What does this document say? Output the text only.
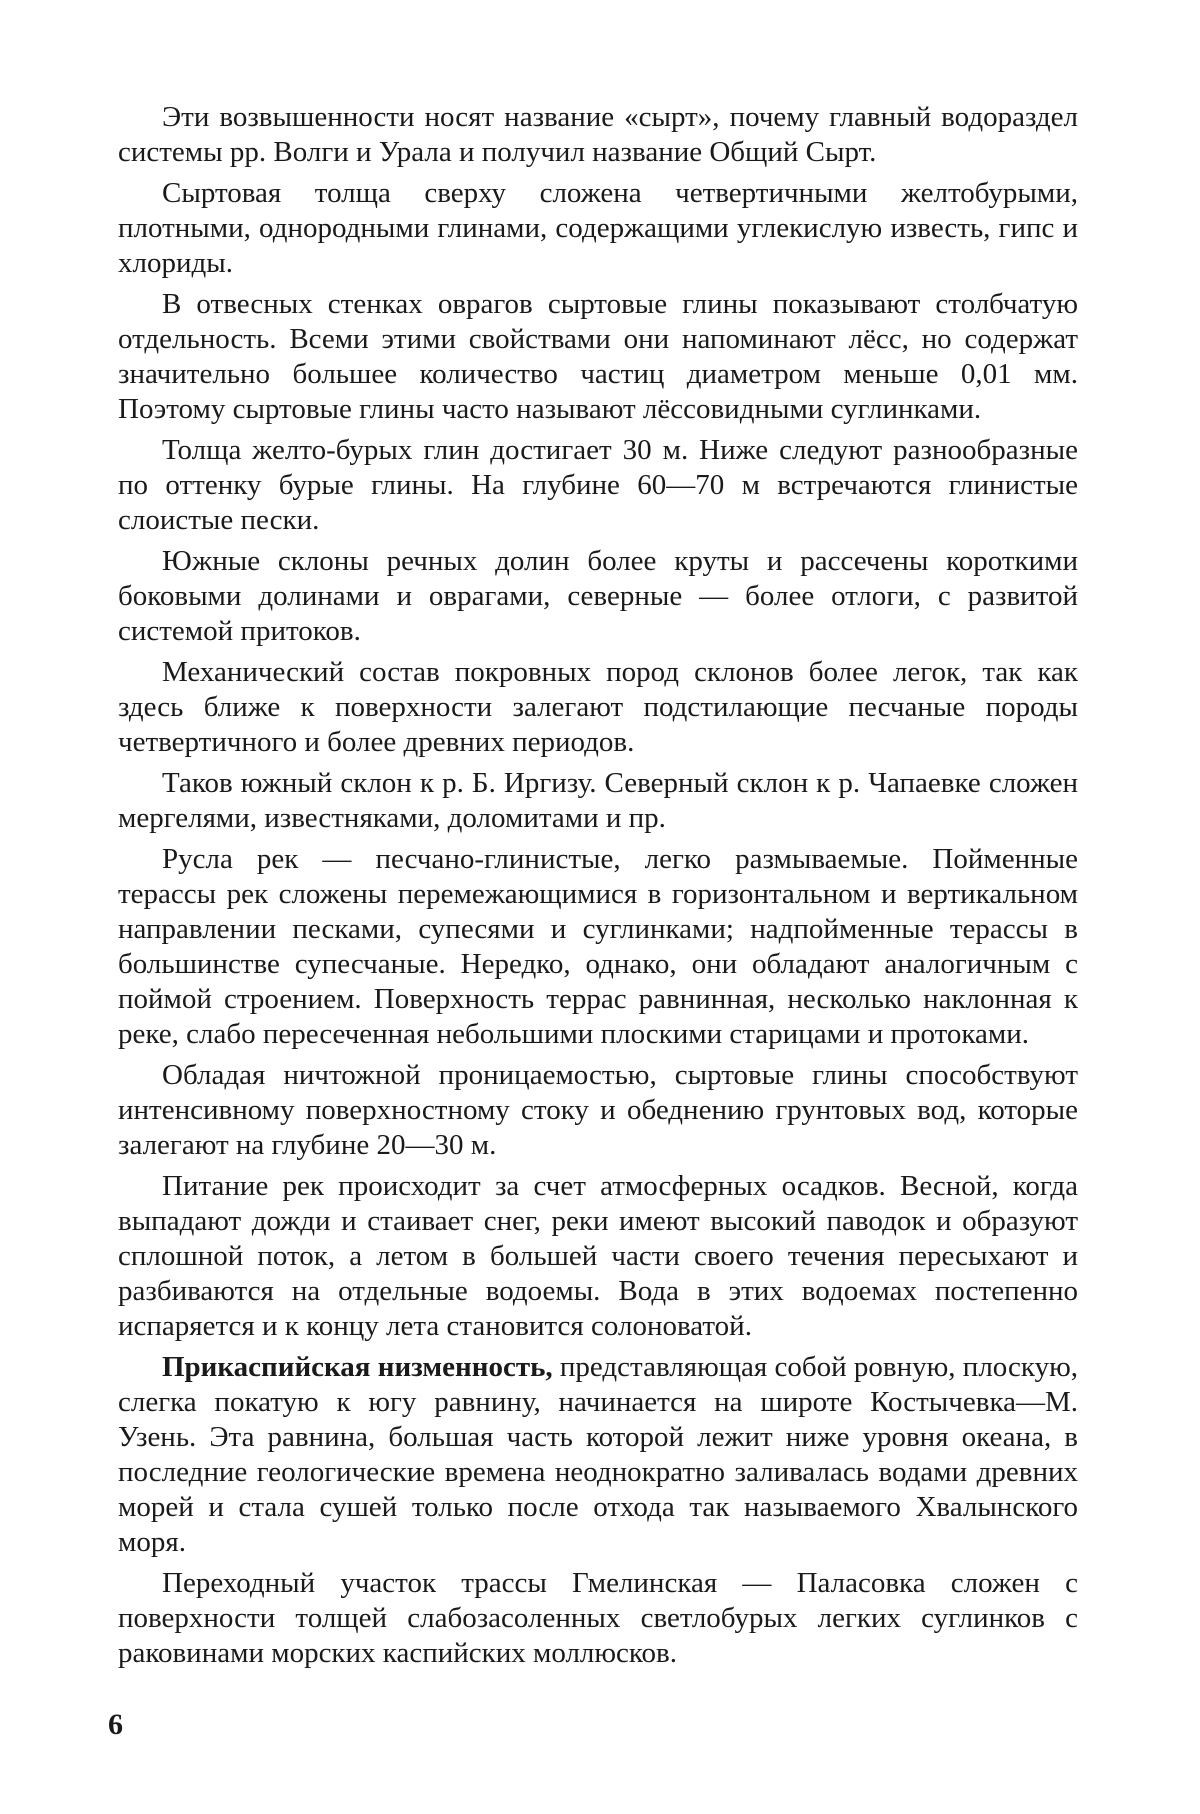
Эти возвышенности носят название «сырт», почему главный водораздел системы рр. Волги и Урала и получил название Общий Сырт.

Сыртовая толща сверху сложена четвертичными желтобурыми, плотными, однородными глинами, содержащими углекислую известь, гипс и хлориды.

В отвесных стенках оврагов сыртовые глины показывают столбчатую отдельность. Всеми этими свойствами они напоминают лёсс, но содержат значительно большее количество частиц диаметром меньше 0,01 мм. Поэтому сыртовые глины часто называют лёссовидными суглинками.

Толща желто-бурых глин достигает 30 м. Ниже следуют разнообразные по оттенку бурые глины. На глубине 60—70 м встречаются глинистые слоистые пески.

Южные склоны речных долин более круты и рассечены короткими боковыми долинами и оврагами, северные — более отлоги, с развитой системой притоков.

Механический состав покровных пород склонов более легок, так как здесь ближе к поверхности залегают подстилающие песчаные породы четвертичного и более древних периодов.

Таков южный склон к р. Б. Иргизу. Северный склон к р. Чапаевке сложен мергелями, известняками, доломитами и пр.

Русла рек — песчано-глинистые, легко размываемые. Пойменные терассы рек сложены перемежающимися в горизонтальном и вертикальном направлении песками, супесями и суглинками; надпойменные терассы в большинстве супесчаные. Нередко, однако, они обладают аналогичным с поймой строением. Поверхность террас равнинная, несколько наклонная к реке, слабо пересеченная небольшими плоскими старицами и протоками.

Обладая ничтожной проницаемостью, сыртовые глины способствуют интенсивному поверхностному стоку и обеднению грунтовых вод, которые залегают на глубине 20—30 м.

Питание рек происходит за счет атмосферных осадков. Весной, когда выпадают дожди и стаивает снег, реки имеют высокий паводок и образуют сплошной поток, а летом в большей части своего течения пересыхают и разбиваются на отдельные водоемы. Вода в этих водоемах постепенно испаряется и к концу лета становится солоноватой.

Прикаспийская низменность, представляющая собой ровную, плоскую, слегка покатую к югу равнину, начинается на широте Костычевка—М. Узень. Эта равнина, большая часть которой лежит ниже уровня океана, в последние геологические времена неоднократно заливалась водами древних морей и стала сушей только после отхода так называемого Хвалынского моря.

Переходный участок трассы Гмелинская — Паласовка сложен с поверхности толщей слабозасоленных светлобурых легких суглинков с раковинами морских каспийских моллюсков.

6
